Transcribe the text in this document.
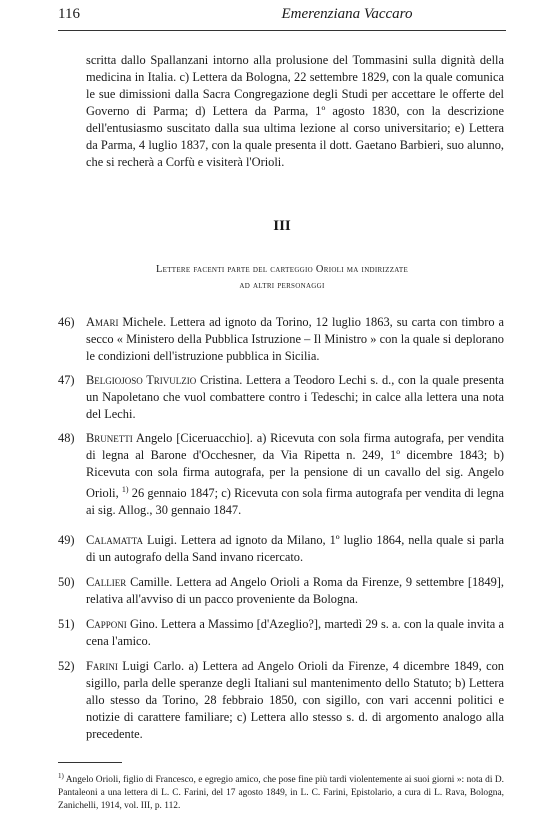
116	Emerenziana Vaccaro

scritta dallo Spallanzani intorno alla prolusione del Tommasini sulla dignità della medicina in Italia. c) Lettera da Bologna, 22 settembre 1829, con la quale comunica le sue dimissioni dalla Sacra Congregazione degli Studi per accettare le offerte del Governo di Parma; d) Lettera da Parma, 1º agosto 1830, con la descrizione dell'entusiasmo suscitato dalla sua ultima lezione al corso universitario; e) Lettera da Parma, 4 luglio 1837, con la quale presenta il dott. Gaetano Barbieri, suo alunno, che si recherà a Corfù e visiterà l'Orioli.

III

Lettere facenti parte del carteggio Orioli ma indirizzate
ad altri personaggi

46) Amari Michele. Lettera ad ignoto da Torino, 12 luglio 1863, su carta con timbro a secco « Ministero della Pubblica Istruzione – Il Ministro » con la quale si deplorano le condizioni dell'istruzione pubblica in Sicilia.

47) Belgiojoso Trivulzio Cristina. Lettera a Teodoro Lechi s. d., con la quale presenta un Napoletano che vuol combattere contro i Tedeschi; in calce alla lettera una nota del Lechi.

48) Brunetti Angelo [Ciceruacchio]. a) Ricevuta con sola firma autografa, per vendita di legna al Barone d'Occhesner, da Via Ripetta n. 249, 1º dicembre 1843; b) Ricevuta con sola firma autografa, per la pensione di un cavallo del sig. Angelo Orioli, $^{1)}$ 26 gennaio 1847; c) Ricevuta con sola firma autografa per vendita di legna ai sig. Allog., 30 gennaio 1847.

49) Calamatta Luigi. Lettera ad ignoto da Milano, 1º luglio 1864, nella quale si parla di un autografo della Sand invano ricercato.

50) Callier Camille. Lettera ad Angelo Orioli a Roma da Firenze, 9 settembre [1849], relativa all'avviso di un pacco proveniente da Bologna.

51) Capponi Gino. Lettera a Massimo [d'Azeglio?], martedì 29 s. a. con la quale invita a cena l'amico.

52) Farini Luigi Carlo. a) Lettera ad Angelo Orioli da Firenze, 4 dicembre 1849, con sigillo, parla delle speranze degli Italiani sul mantenimento dello Statuto; b) Lettera allo stesso da Torino, 28 febbraio 1850, con sigillo, con vari accenni politici e notizie di carattere familiare; c) Lettera allo stesso s. d. di argomento analogo alla precedente.

$^{1)}$ Angelo Orioli, figlio di Francesco, e egregio amico, che pose fine più tardi violentemente ai suoi giorni »: nota di D. Pantaleoni a una lettera di L. C. Farini, del 17 agosto 1849, in L. C. Farini, Epistolario, a cura di L. Rava, Bologna, Zanichelli, 1914, vol. III, p. 112.
